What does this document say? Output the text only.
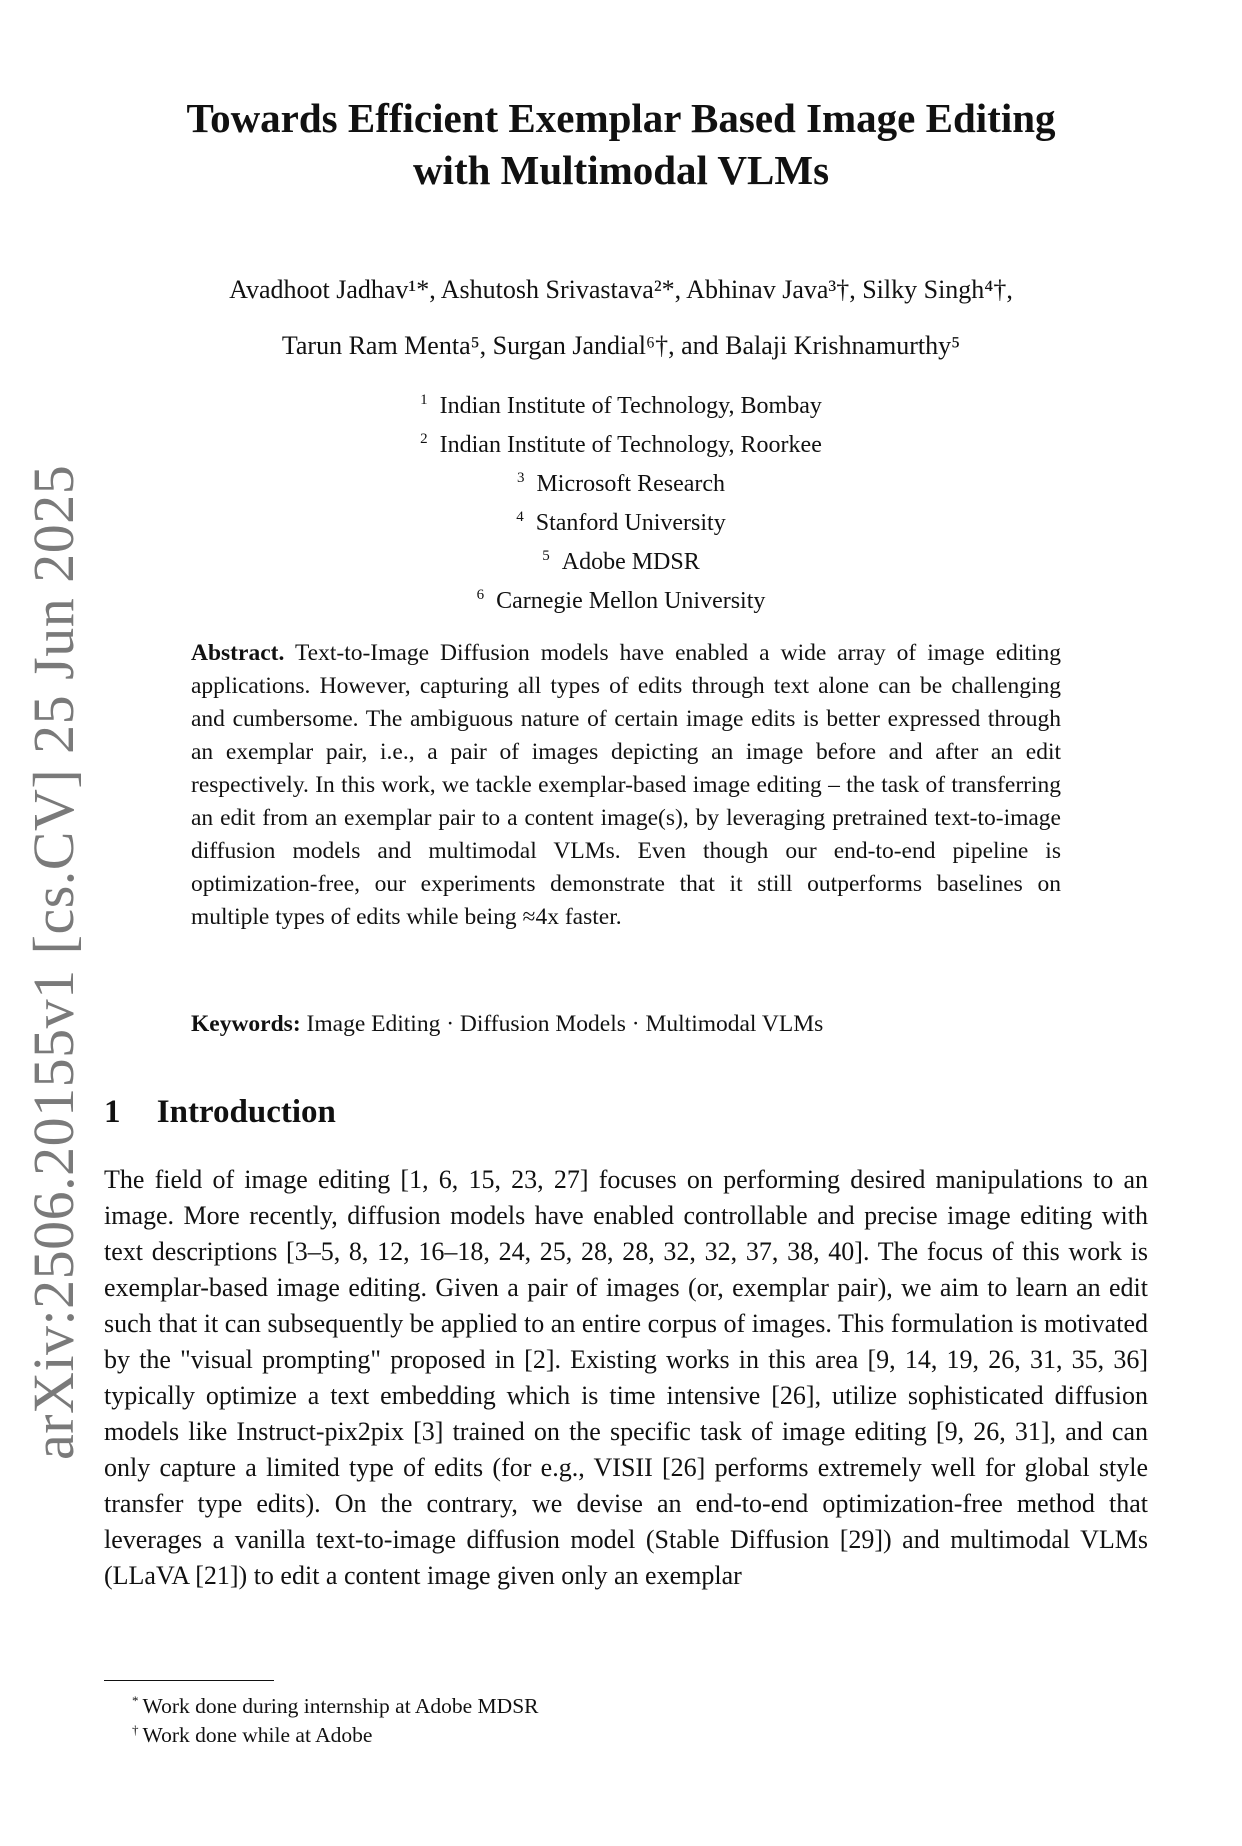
arXiv:2506.20155v1 [cs.CV] 25 Jun 2025
Towards Efficient Exemplar Based Image Editing
with Multimodal VLMs
Avadhoot Jadhav¹*, Ashutosh Srivastava²*, Abhinav Java³†, Silky Singh⁴†,
Tarun Ram Menta⁵, Surgan Jandial⁶†, and Balaji Krishnamurthy⁵
$^1$ Indian Institute of Technology, Bombay
$^2$ Indian Institute of Technology, Roorkee
$^3$ Microsoft Research
$^4$ Stanford University
$^5$ Adobe MDSR
$^6$ Carnegie Mellon University
Abstract. Text-to-Image Diffusion models have enabled a wide array of image editing applications. However, capturing all types of edits through text alone can be challenging and cumbersome. The ambiguous nature of certain image edits is better expressed through an exemplar pair, i.e., a pair of images depicting an image before and after an edit respectively. In this work, we tackle exemplar-based image editing – the task of transferring an edit from an exemplar pair to a content image(s), by leveraging pretrained text-to-image diffusion models and multimodal VLMs. Even though our end-to-end pipeline is optimization-free, our experiments demonstrate that it still outperforms baselines on multiple types of edits while being ≈4x faster.
Keywords: Image Editing · Diffusion Models · Multimodal VLMs
1 Introduction
The field of image editing [1, 6, 15, 23, 27] focuses on performing desired manipulations to an image. More recently, diffusion models have enabled controllable and precise image editing with text descriptions [3–5, 8, 12, 16–18, 24, 25, 28, 28, 32, 32, 37, 38, 40]. The focus of this work is exemplar-based image editing. Given a pair of images (or, exemplar pair), we aim to learn an edit such that it can subsequently be applied to an entire corpus of images. This formulation is motivated by the "visual prompting" proposed in [2]. Existing works in this area [9, 14, 19, 26, 31, 35, 36] typically optimize a text embedding which is time intensive [26], utilize sophisticated diffusion models like Instruct-pix2pix [3] trained on the specific task of image editing [9, 26, 31], and can only capture a limited type of edits (for e.g., VISII [26] performs extremely well for global style transfer type edits). On the contrary, we devise an end-to-end optimization-free method that leverages a vanilla text-to-image diffusion model (Stable Diffusion [29]) and multimodal VLMs (LLaVA [21]) to edit a content image given only an exemplar
* Work done during internship at Adobe MDSR
† Work done while at Adobe
